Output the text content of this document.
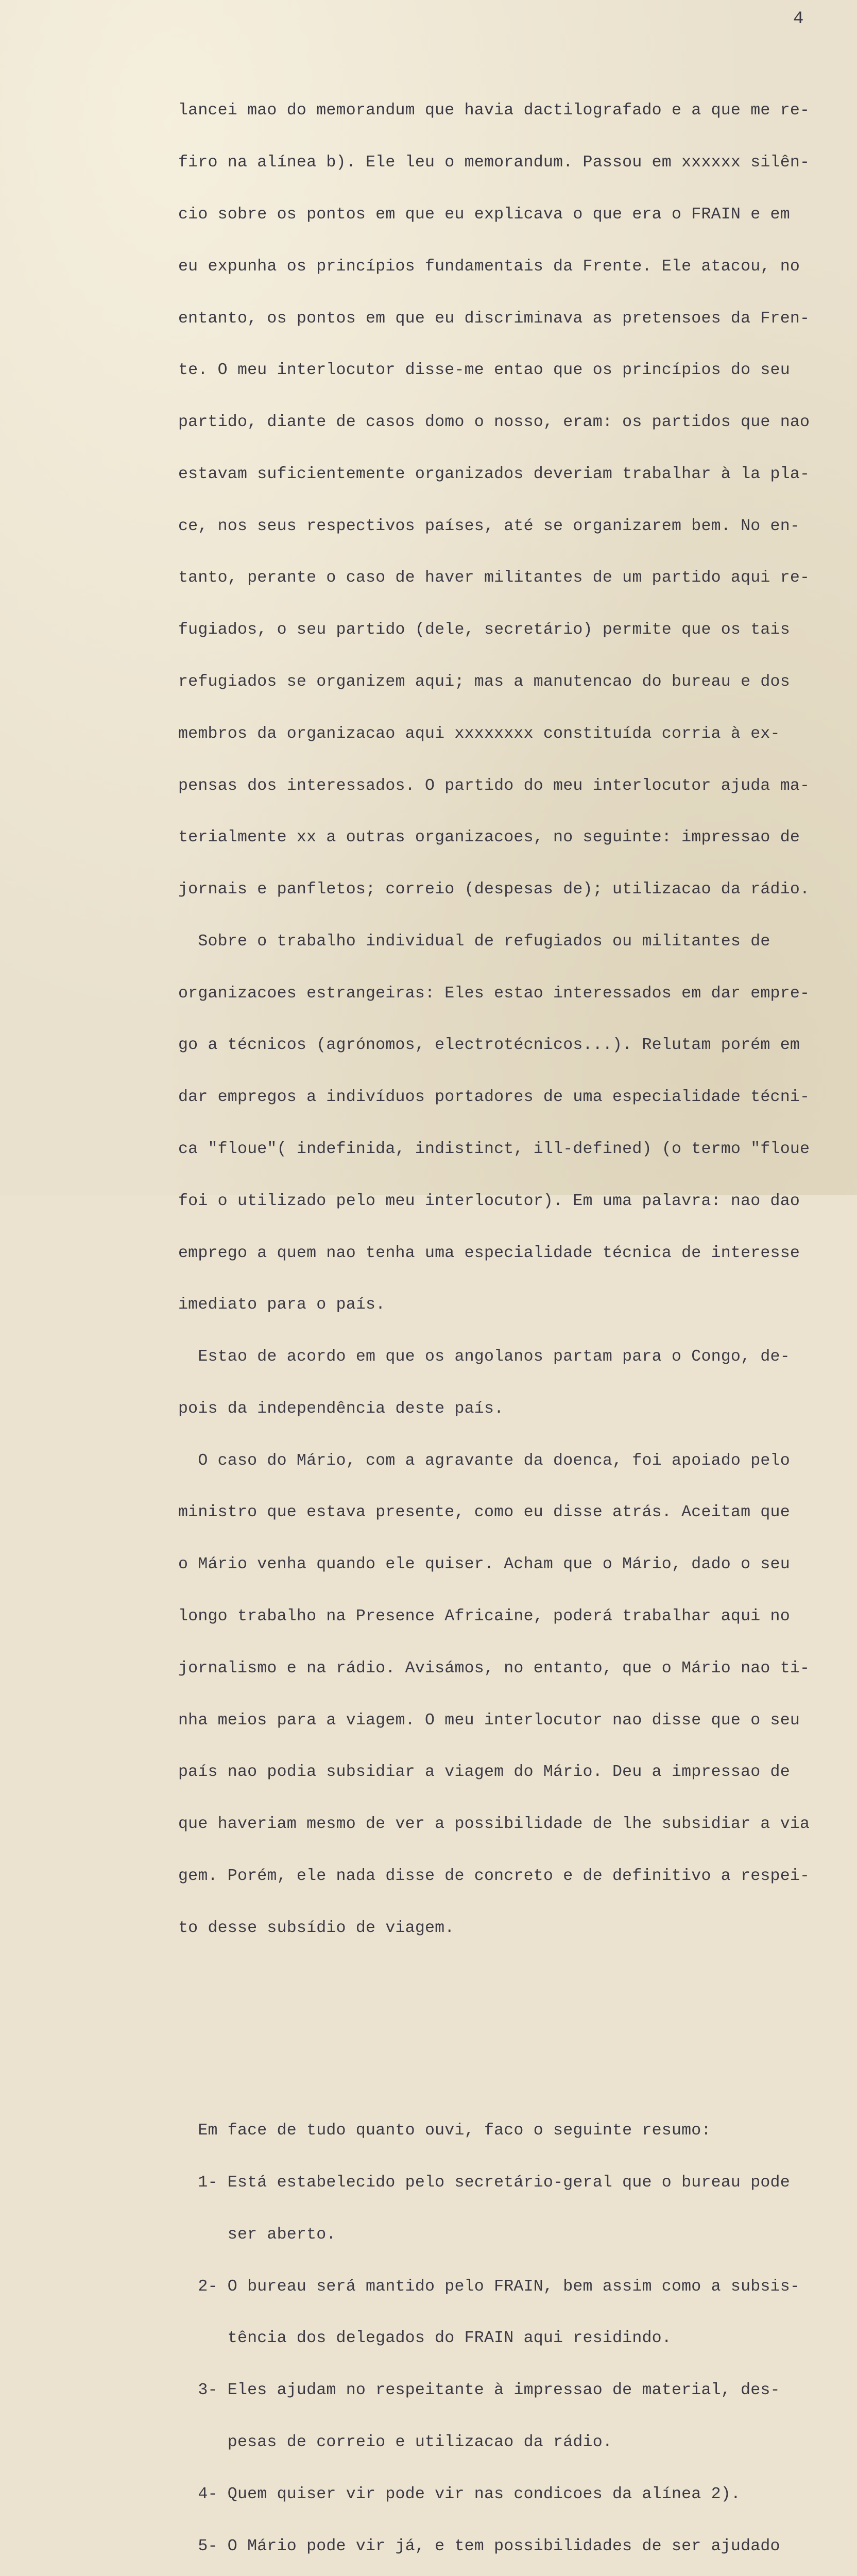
4

lancei mao do memorandum que havia dactilografado e a que me re-

firo na alínea b). Ele leu o memorandum. Passou em xxxxxx silên-

cio sobre os pontos em que eu explicava o que era o FRAIN e em

eu expunha os princípios fundamentais da Frente. Ele atacou, no

entanto, os pontos em que eu discriminava as pretensoes da Fren-

te. O meu interlocutor disse-me entao que os princípios do seu

partido, diante de casos domo o nosso, eram: os partidos que nao

estavam suficientemente organizados deveriam trabalhar à la pla-

ce, nos seus respectivos países, até se organizarem bem. No en-

tanto, perante o caso de haver militantes de um partido aqui re-

fugiados, o seu partido (dele, secretário) permite que os tais

refugiados se organizem aqui; mas a manutencao do bureau e dos

membros da organizacao aqui xxxxxxxx constituída corria à ex-

pensas dos interessados. O partido do meu interlocutor ajuda ma-

terialmente xx a outras organizacoes, no seguinte: impressao de

jornais e panfletos; correio (despesas de); utilizacao da rádio.

Sobre o trabalho individual de refugiados ou militantes de

organizacoes estrangeiras: Eles estao interessados em dar empre-

go a técnicos (agrónomos, electrotécnicos...). Relutam porém em

dar empregos a indivíduos portadores de uma especialidade técni-

ca "floue"( indefinida, indistinct, ill-defined) (o termo "floue

foi o utilizado pelo meu interlocutor). Em uma palavra: nao dao

emprego a quem nao tenha uma especialidade técnica de interesse

imediato para o país.

Estao de acordo em que os angolanos partam para o Congo, de-

pois da independência deste país.

O caso do Mário, com a agravante da doenca, foi apoiado pelo

ministro que estava presente, como eu disse atrás. Aceitam que

o Mário venha quando ele quiser. Acham que o Mário, dado o seu

longo trabalho na Presence Africaine, poderá trabalhar aqui no

jornalismo e na rádio. Avisámos, no entanto, que o Mário nao ti-

nha meios para a viagem. O meu interlocutor nao disse que o seu

país nao podia subsidiar a viagem do Mário. Deu a impressao de

que haveriam mesmo de ver a possibilidade de lhe subsidiar a via

gem. Porém, ele nada disse de concreto e de definitivo a respei-

to desse subsídio de viagem.

Em face de tudo quanto ouvi, faco o seguinte resumo:

1- Está estabelecido pelo secretário-geral que o bureau pode

ser aberto.

2- O bureau será mantido pelo FRAIN, bem assim como a subsis-

tência dos delegados do FRAIN aqui residindo.

3- Eles ajudam no respeitante à impressao de material, des-

pesas de correio e utilizacao da rádio.

4- Quem quiser vir pode vir nas condicoes da alínea 2).

5- O Mário pode vir já, e tem possibilidades de ser ajudado
